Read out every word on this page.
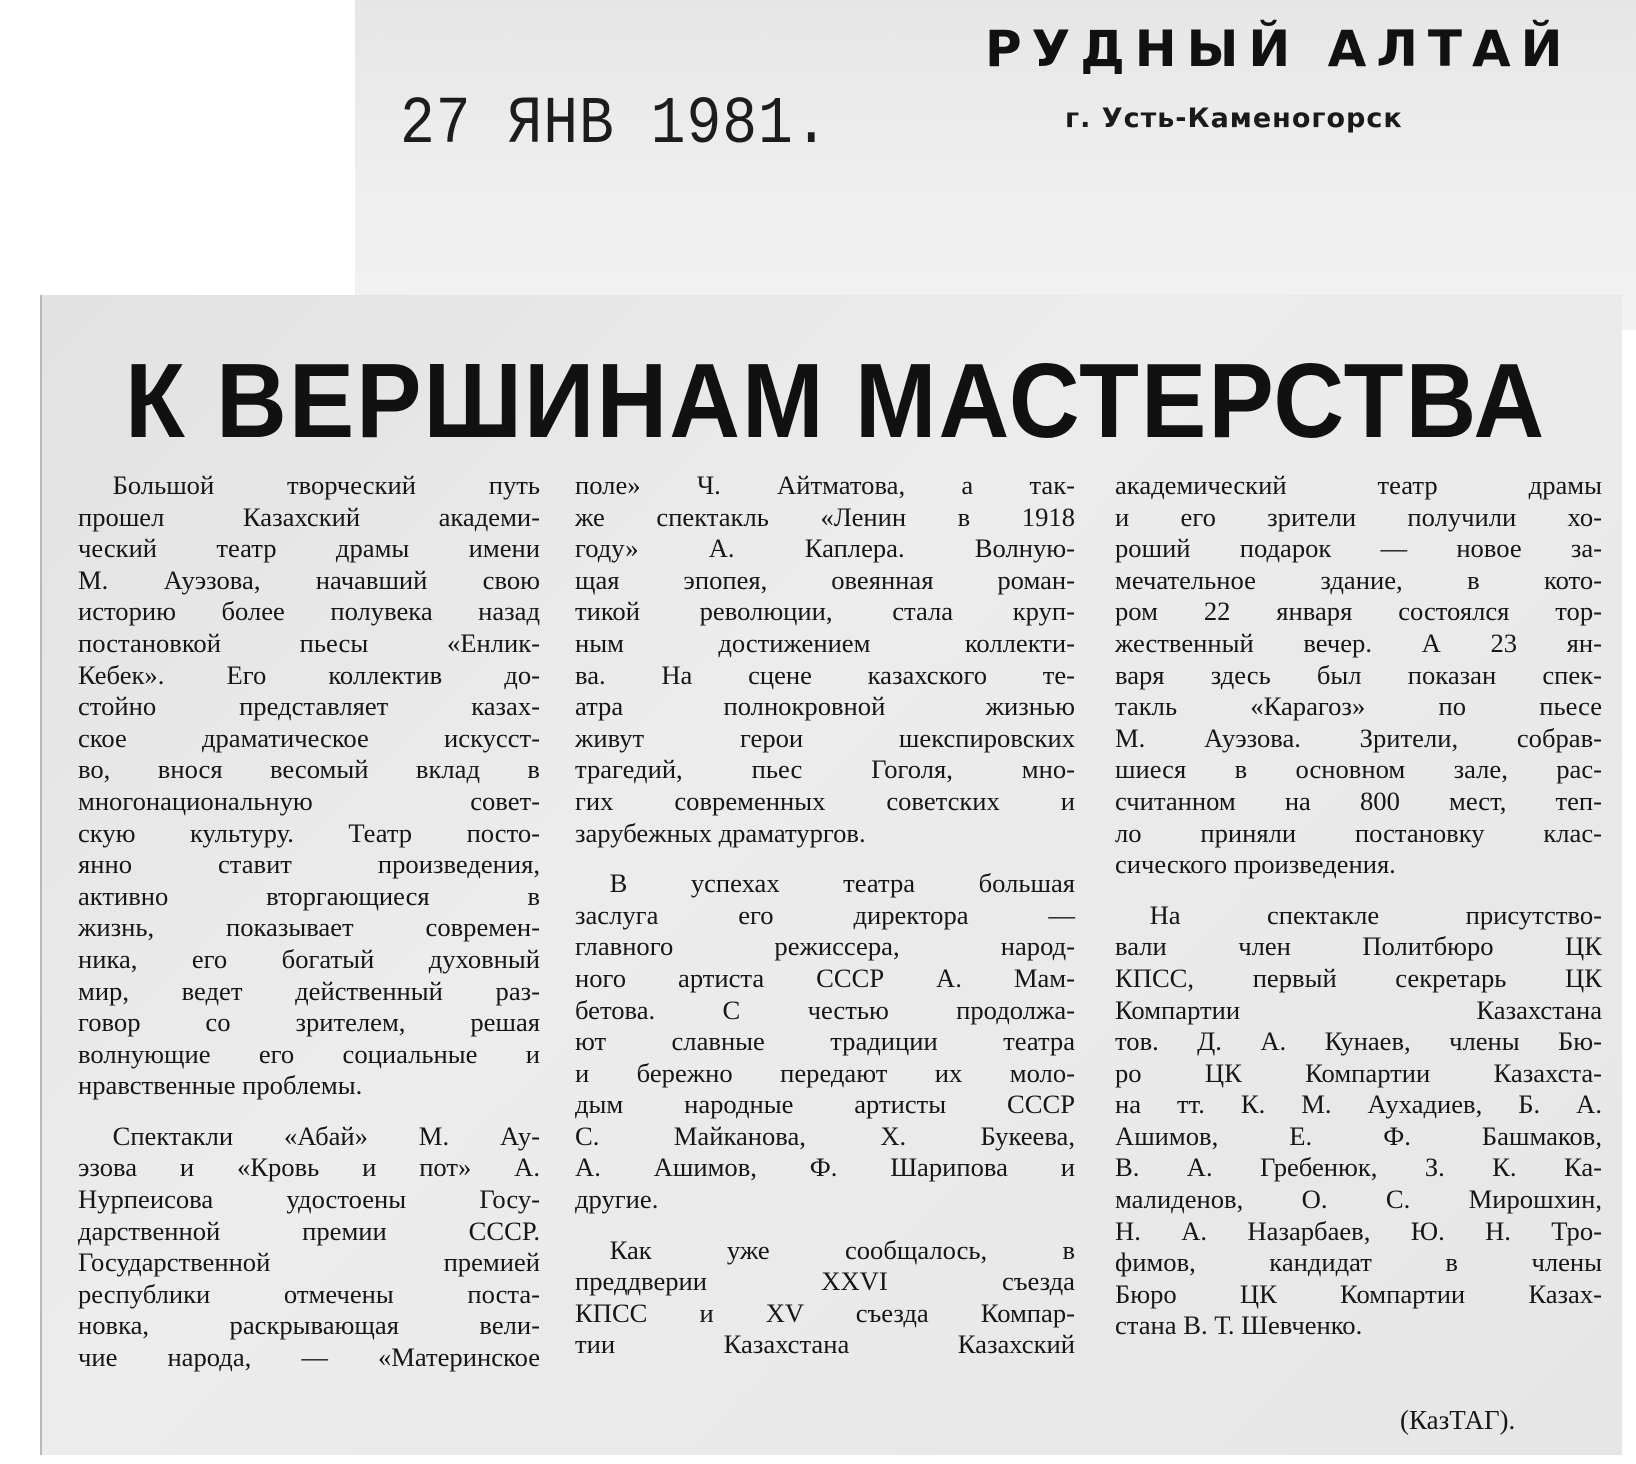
27 ЯНВ 1981.
РУДНЫЙ АЛТАЙ
г. Усть-Каменогорск
К ВЕРШИНАМ МАСТЕРСТВА
Большой творческий путь
прошел Казахский академи-
ческий театр драмы имени
М. Ауэзова, начавший свою
историю более полувека назад
постановкой пьесы «Енлик-
Кебек». Его коллектив до-
стойно представляет казах-
ское драматическое искусст-
во, внося весомый вклад в
многонациональную совет-
скую культуру. Театр посто-
янно ставит произведения,
активно вторгающиеся в
жизнь, показывает современ-
ника, его богатый духовный
мир, ведет действенный раз-
говор со зрителем, решая
волнующие его социальные и
нравственные проблемы.
Спектакли «Абай» М. Ау-
эзова и «Кровь и пот» А.
Нурпеисова удостоены Госу-
дарственной премии СССР.
Государственной премией
республики отмечены поста-
новка, раскрывающая вели-
чие народа, — «Материнское
поле» Ч. Айтматова, а так-
же спектакль «Ленин в 1918
году» А. Каплера. Волную-
щая эпопея, овеянная роман-
тикой революции, стала круп-
ным достижением коллекти-
ва. На сцене казахского те-
атра полнокровной жизнью
живут герои шекспировских
трагедий, пьес Гоголя, мно-
гих современных советских и
зарубежных драматургов.
В успехах театра большая
заслуга его директора —
главного режиссера, народ-
ного артиста СССР А. Мам-
бетова. С честью продолжа-
ют славные традиции театра
и бережно передают их моло-
дым народные артисты СССР
С. Майканова, Х. Букеева,
А. Ашимов, Ф. Шарипова и
другие.
Как уже сообщалось, в
преддверии XXVI съезда
КПСС и XV съезда Компар-
тии Казахстана Казахский
академический театр драмы
и его зрители получили хо-
роший подарок — новое за-
мечательное здание, в кото-
ром 22 января состоялся тор-
жественный вечер. А 23 ян-
варя здесь был показан спек-
такль «Карагоз» по пьесе
М. Ауэзова. Зрители, собрав-
шиеся в основном зале, рас-
считанном на 800 мест, теп-
ло приняли постановку клас-
сического произведения.
На спектакле присутство-
вали член Политбюро ЦК
КПСС, первый секретарь ЦК
Компартии Казахстана
тов. Д. А. Кунаев, члены Бю-
ро ЦК Компартии Казахста-
на тт. К. М. Аухадиев, Б. А.
Ашимов, Е. Ф. Башмаков,
В. А. Гребенюк, З. К. Ка-
малиденов, О. С. Мирошхин,
Н. А. Назарбаев, Ю. Н. Тро-
фимов, кандидат в члены
Бюро ЦК Компартии Казах-
стана В. Т. Шевченко.
(КазТАГ).
